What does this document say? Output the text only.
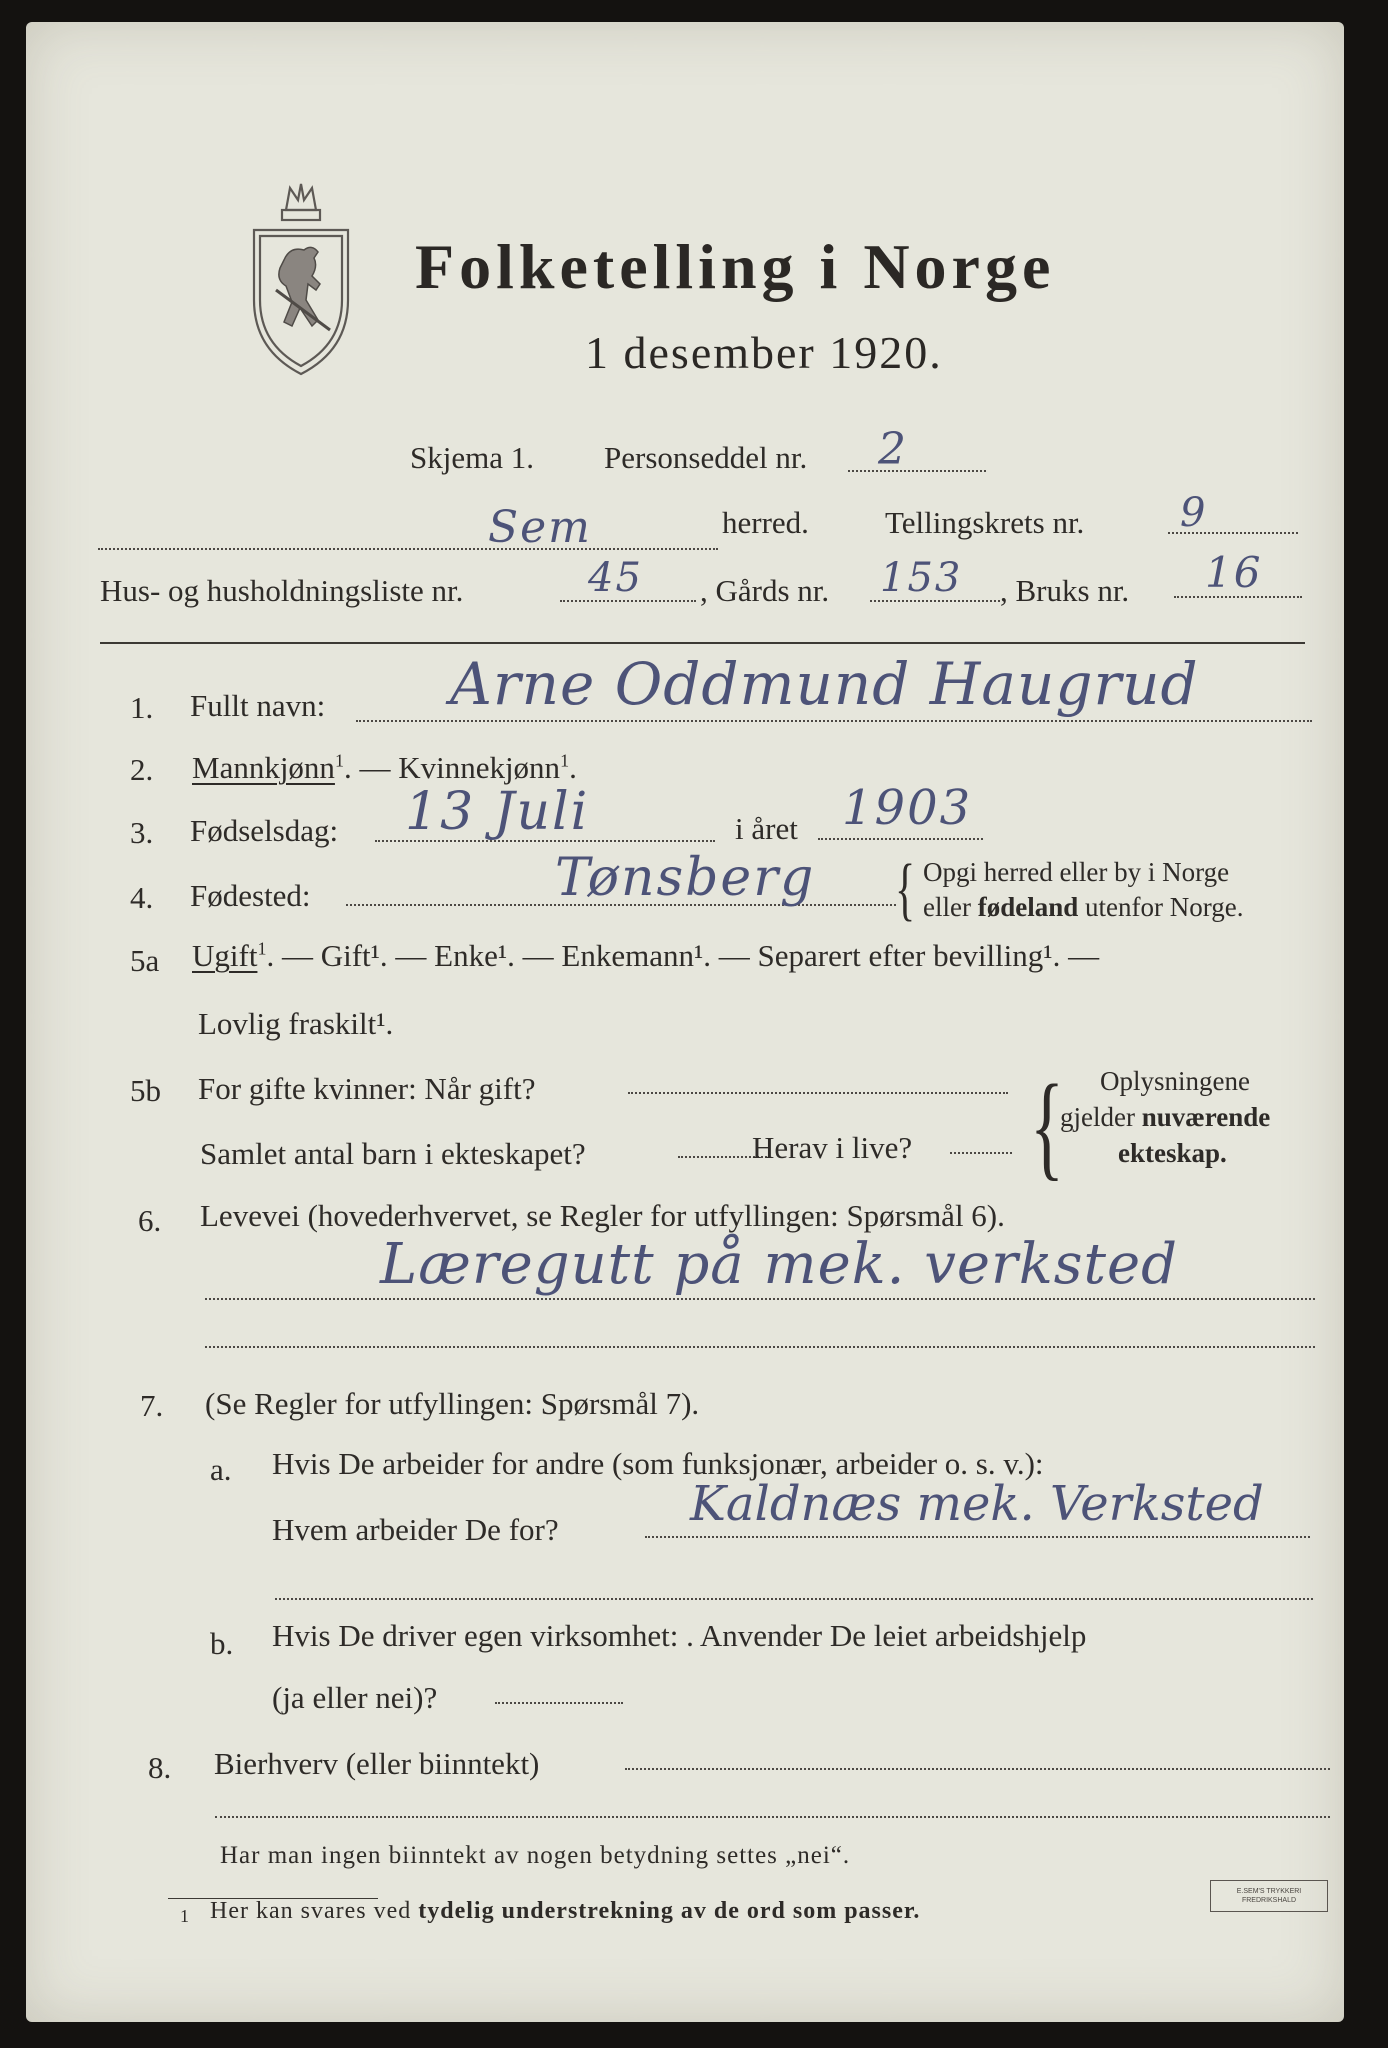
Folketelling i Norge
1 desember 1920.
Skjema 1. Personseddel nr. 2
Sem	herred. Tellingskrets nr. 9
Hus- og husholdningsliste nr.	45 , Gårds nr. 153 , Bruks nr. 16
1. Fullt navn: Arne Oddmund Haugrud
2. Mannkjønn$^1$. — Kvinnekjønn$^1$.
3. Fødselsdag: 13 Juli	i året 1903
4. Fødested:	Tønsberg { Opgi herred eller by i Norge
eller fødeland utenfor Norge.
5a Ugift$^1$. — Gift¹. — Enke¹. — Enkemann¹. — Separert efter bevilling¹. —
Lovlig fraskilt¹.
5b For gifte kvinner: Når gift?
Samlet antal barn i ekteskapet?	Herav i live? { Oplysningene
gjelder nuværende
ekteskap.
6. Levevei (hovederhvervet, se Regler for utfyllingen: Spørsmål 6).
Læregutt på mek. verksted
7. (Se Regler for utfyllingen: Spørsmål 7).
a. Hvis De arbeider for andre (som funksjonær, arbeider o. s. v.):
Hvem arbeider De for?	Kaldnæs mek. Verksted
b. Hvis De driver egen virksomhet: . Anvender De leiet arbeidshjelp
(ja eller nei)?
8. Bierhverv (eller biinntekt)
Har man ingen biinntekt av nogen betydning settes „nei“.
1 Her kan svares ved tydelig understrekning av de ord som passer.
E.SEM'S TRYKKERI
FREDRIKSHALD
